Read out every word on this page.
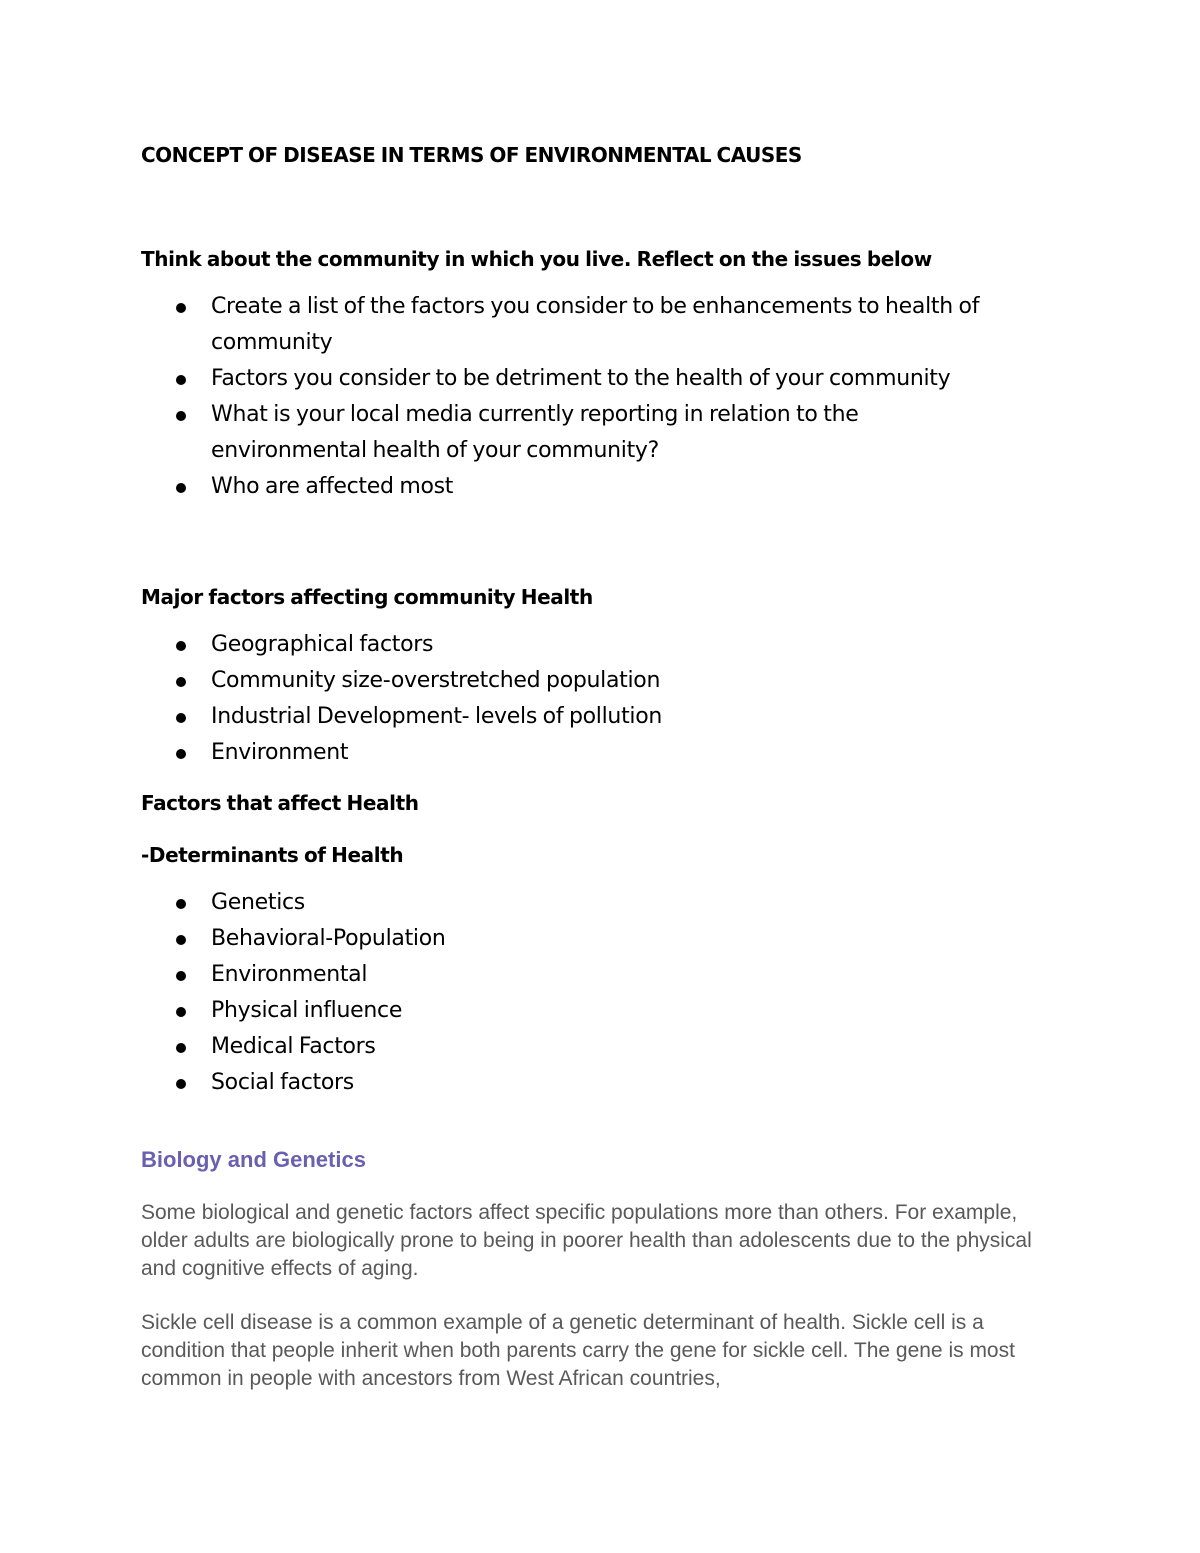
CONCEPT OF DISEASE IN TERMS OF ENVIRONMENTAL CAUSES

Think about the community in which you live. Reflect on the issues below

Create a list of the factors you consider to be enhancements to health of community
Factors you consider to be detriment to the health of your community
What is your local media currently reporting in relation to the environmental health of your community?
Who are affected most

Major factors affecting community Health

Geographical factors
Community size-overstretched population
Industrial Development- levels of pollution
Environment

Factors that affect Health

-Determinants of Health

Genetics
Behavioral-Population
Environmental
Physical influence
Medical Factors
Social factors

Biology and Genetics

Some biological and genetic factors affect specific populations more than others. For example, older adults are biologically prone to being in poorer health than adolescents due to the physical and cognitive effects of aging.

Sickle cell disease is a common example of a genetic determinant of health. Sickle cell is a condition that people inherit when both parents carry the gene for sickle cell. The gene is most common in people with ancestors from West African countries,
